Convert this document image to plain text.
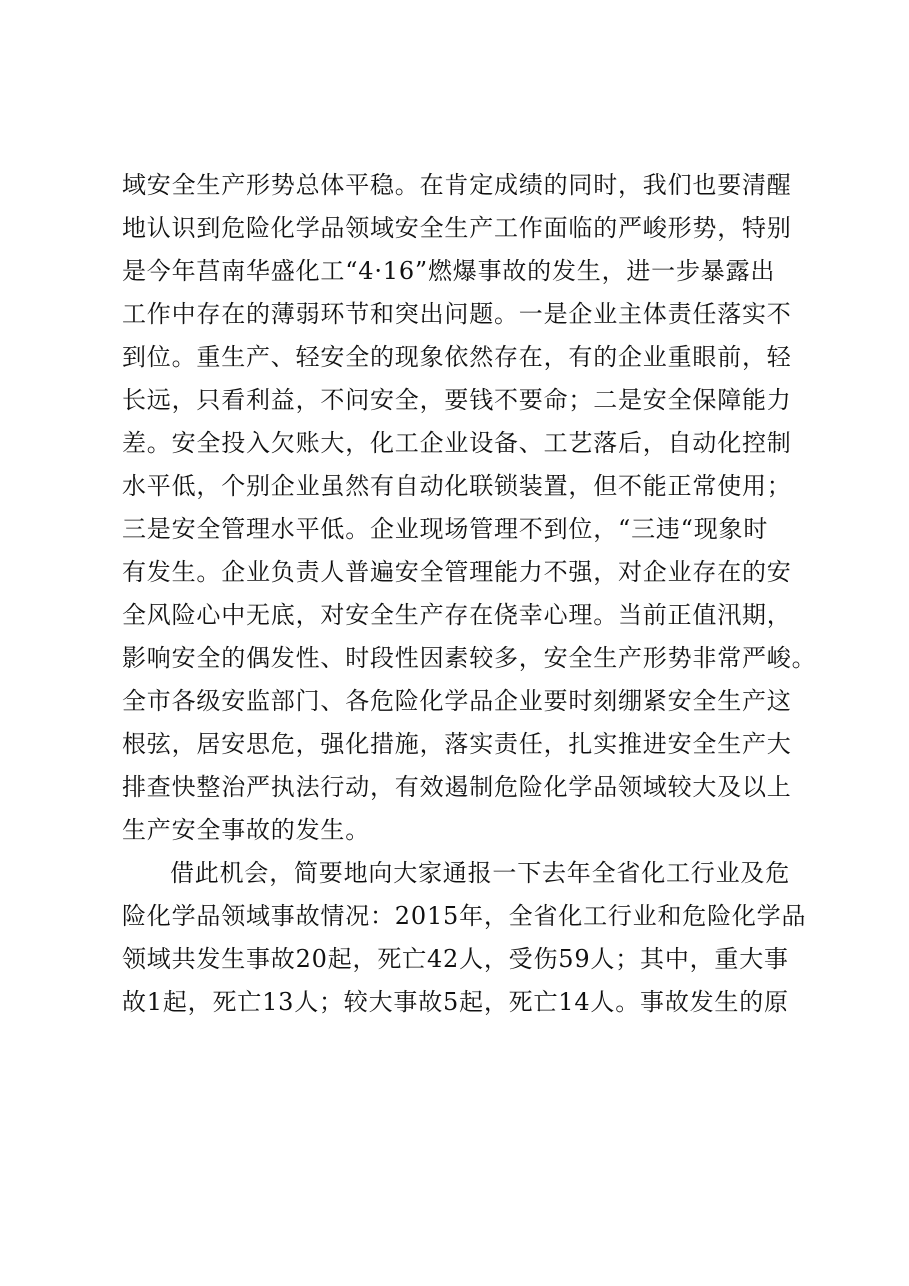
域安全生产形势总体平稳。在肯定成绩的同时，我们也要清醒
地认识到危险化学品领域安全生产工作面临的严峻形势，特别
是今年莒南华盛化工“4·16”燃爆事故的发生，进一步暴露出
工作中存在的薄弱环节和突出问题。一是企业主体责任落实不
到位。重生产、轻安全的现象依然存在，有的企业重眼前，轻
长远，只看利益，不问安全，要钱不要命；二是安全保障能力
差。安全投入欠账大，化工企业设备、工艺落后，自动化控制
水平低，个别企业虽然有自动化联锁装置，但不能正常使用；
三是安全管理水平低。企业现场管理不到位，“三违“现象时
有发生。企业负责人普遍安全管理能力不强，对企业存在的安
全风险心中无底，对安全生产存在侥幸心理。当前正值汛期，
影响安全的偶发性、时段性因素较多，安全生产形势非常严峻。
全市各级安监部门、各危险化学品企业要时刻绷紧安全生产这
根弦，居安思危，强化措施，落实责任，扎实推进安全生产大
排查快整治严执法行动，有效遏制危险化学品领域较大及以上
生产安全事故的发生。
借此机会，简要地向大家通报一下去年全省化工行业及危
险化学品领域事故情况：2015年，全省化工行业和危险化学品
领域共发生事故20起，死亡42人，受伤59人；其中，重大事
故1起，死亡13人；较大事故5起，死亡14人。事故发生的原
